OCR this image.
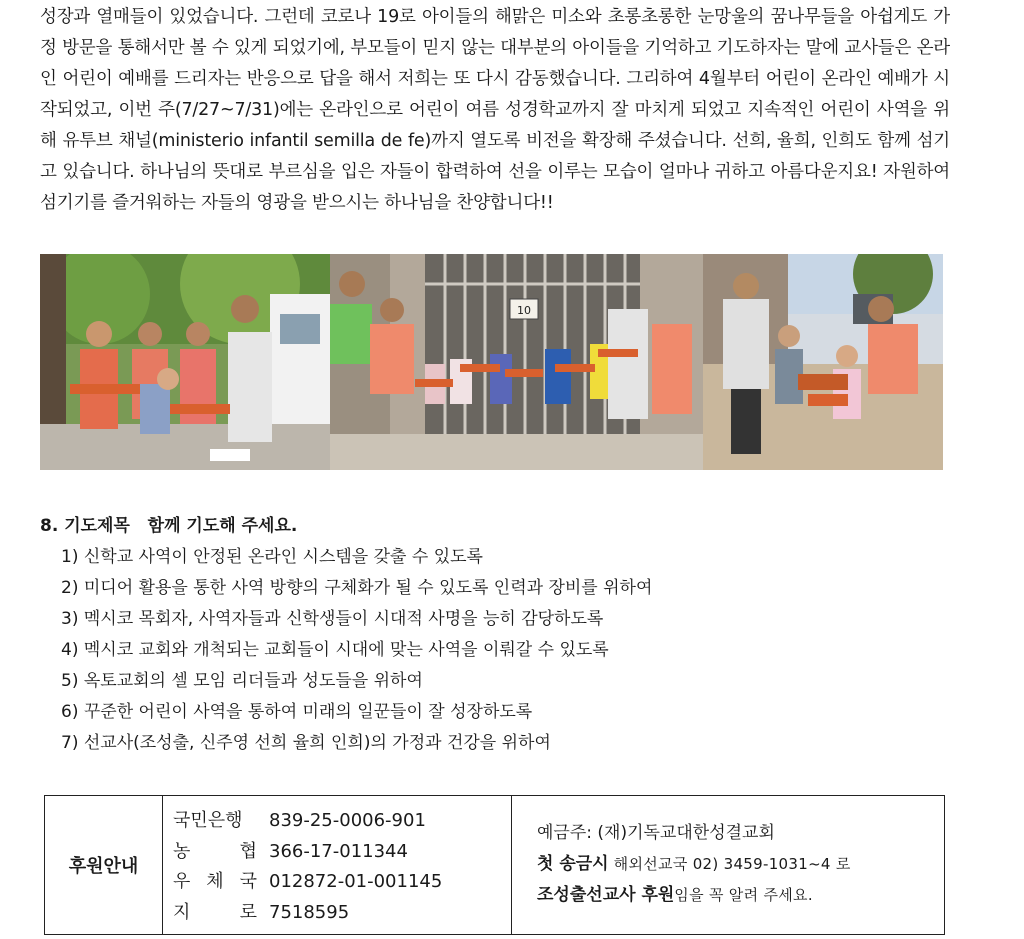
성장과 열매들이 있었습니다. 그런데 코로나 19로 아이들의 해맑은 미소와 초롱초롱한 눈망울의 꿈나무들을 아쉽게도 가정 방문을 통해서만 볼 수 있게 되었기에, 부모들이 믿지 않는 대부분의 아이들을 기억하고 기도하자는 말에 교사들은 온라인 어린이 예배를 드리자는 반응으로 답을 해서 저희는 또 다시 감동했습니다. 그리하여 4월부터 어린이 온라인 예배가 시작되었고, 이번 주(7/27~7/31)에는 온라인으로 어린이 여름 성경학교까지 잘 마치게 되었고 지속적인 어린이 사역을 위해 유투브 채널(ministerio infantil semilla de fe)까지 열도록 비전을 확장해 주셨습니다. 선희, 율희, 인희도 함께 섬기고 있습니다. 하나님의 뜻대로 부르심을 입은 자들이 합력하여 선을 이루는 모습이 얼마나 귀하고 아름다운지요! 자원하여 섬기기를 즐거워하는 자들의 영광을 받으시는 하나님을 찬양합니다!!
10
8. 기도제목   함께 기도해 주세요.
1) 신학교 사역이 안정된 온라인 시스템을 갖출 수 있도록
2) 미디어 활용을 통한 사역 방향의 구체화가 될 수 있도록 인력과 장비를 위하여
3) 멕시코 목회자, 사역자들과 신학생들이 시대적 사명을 능히 감당하도록
4) 멕시코 교회와 개척되는 교회들이 시대에 맞는 사역을 이뤄갈 수 있도록
5) 옥토교회의 셀 모임 리더들과 성도들을 위하여
6) 꾸준한 어린이 사역을 통하여 미래의 일꾼들이 잘 성장하도록
7) 선교사(조성출, 신주영 선희 율희 인희)의 가정과 건강을 위하여
후원안내
국민은행 839-25-0006-901
농	협 366-17-011344
우 체 국 012872-01-001145
지	로 7518595
예금주: (재)기독교대한성결교회
첫 송금시 해외선교국 02) 3459-1031~4 로
조성출선교사 후원임을 꼭 알려 주세요.
